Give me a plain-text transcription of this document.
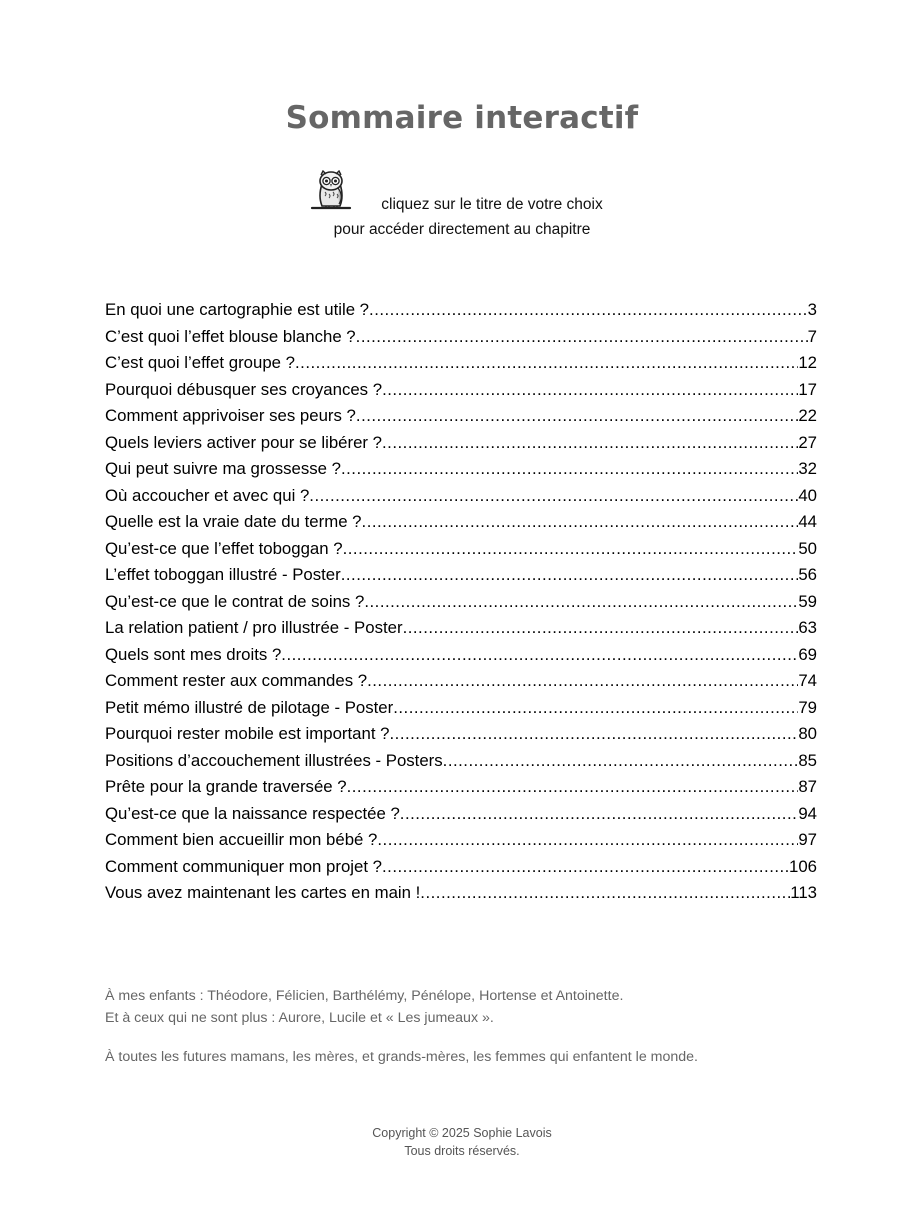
Sommaire interactif
cliquez sur le titre de votre choix
pour accéder directement au chapitre
En quoi une cartographie est utile ? .....	3
C’est quoi l’effet blouse blanche ? .....	7
C’est quoi l’effet groupe ? .....	12
Pourquoi débusquer ses croyances ? .....	17
Comment apprivoiser ses peurs ? .....	22
Quels leviers activer pour se libérer ? .....	27
Qui peut suivre ma grossesse ? .....	32
Où accoucher et avec qui ? .....	40
Quelle est la vraie date du terme ? .....	44
Qu’est-ce que l’effet toboggan ? .....	50
L’effet toboggan illustré - Poster .....	56
Qu’est-ce que le contrat de soins ? .....	59
La relation patient / pro illustrée - Poster .....	63
Quels sont mes droits ? .....	69
Comment rester aux commandes ? .....	74
Petit mémo illustré de pilotage - Poster .....	79
Pourquoi rester mobile est important ? .....	80
Positions d’accouchement illustrées - Posters .....	85
Prête pour la grande traversée ? .....	87
Qu’est-ce que la naissance respectée ? .....	94
Comment bien accueillir mon bébé ? .....	97
Comment communiquer mon projet ? .....	106
Vous avez maintenant les cartes en main ! .....	113
À mes enfants : Théodore, Félicien, Barthélémy, Pénélope, Hortense et Antoinette.
Et à ceux qui ne sont plus : Aurore, Lucile et « Les jumeaux ».
À toutes les futures mamans, les mères, et grands-mères, les femmes qui enfantent le monde.
Copyright © 2025 Sophie Lavois
Tous droits réservés.
